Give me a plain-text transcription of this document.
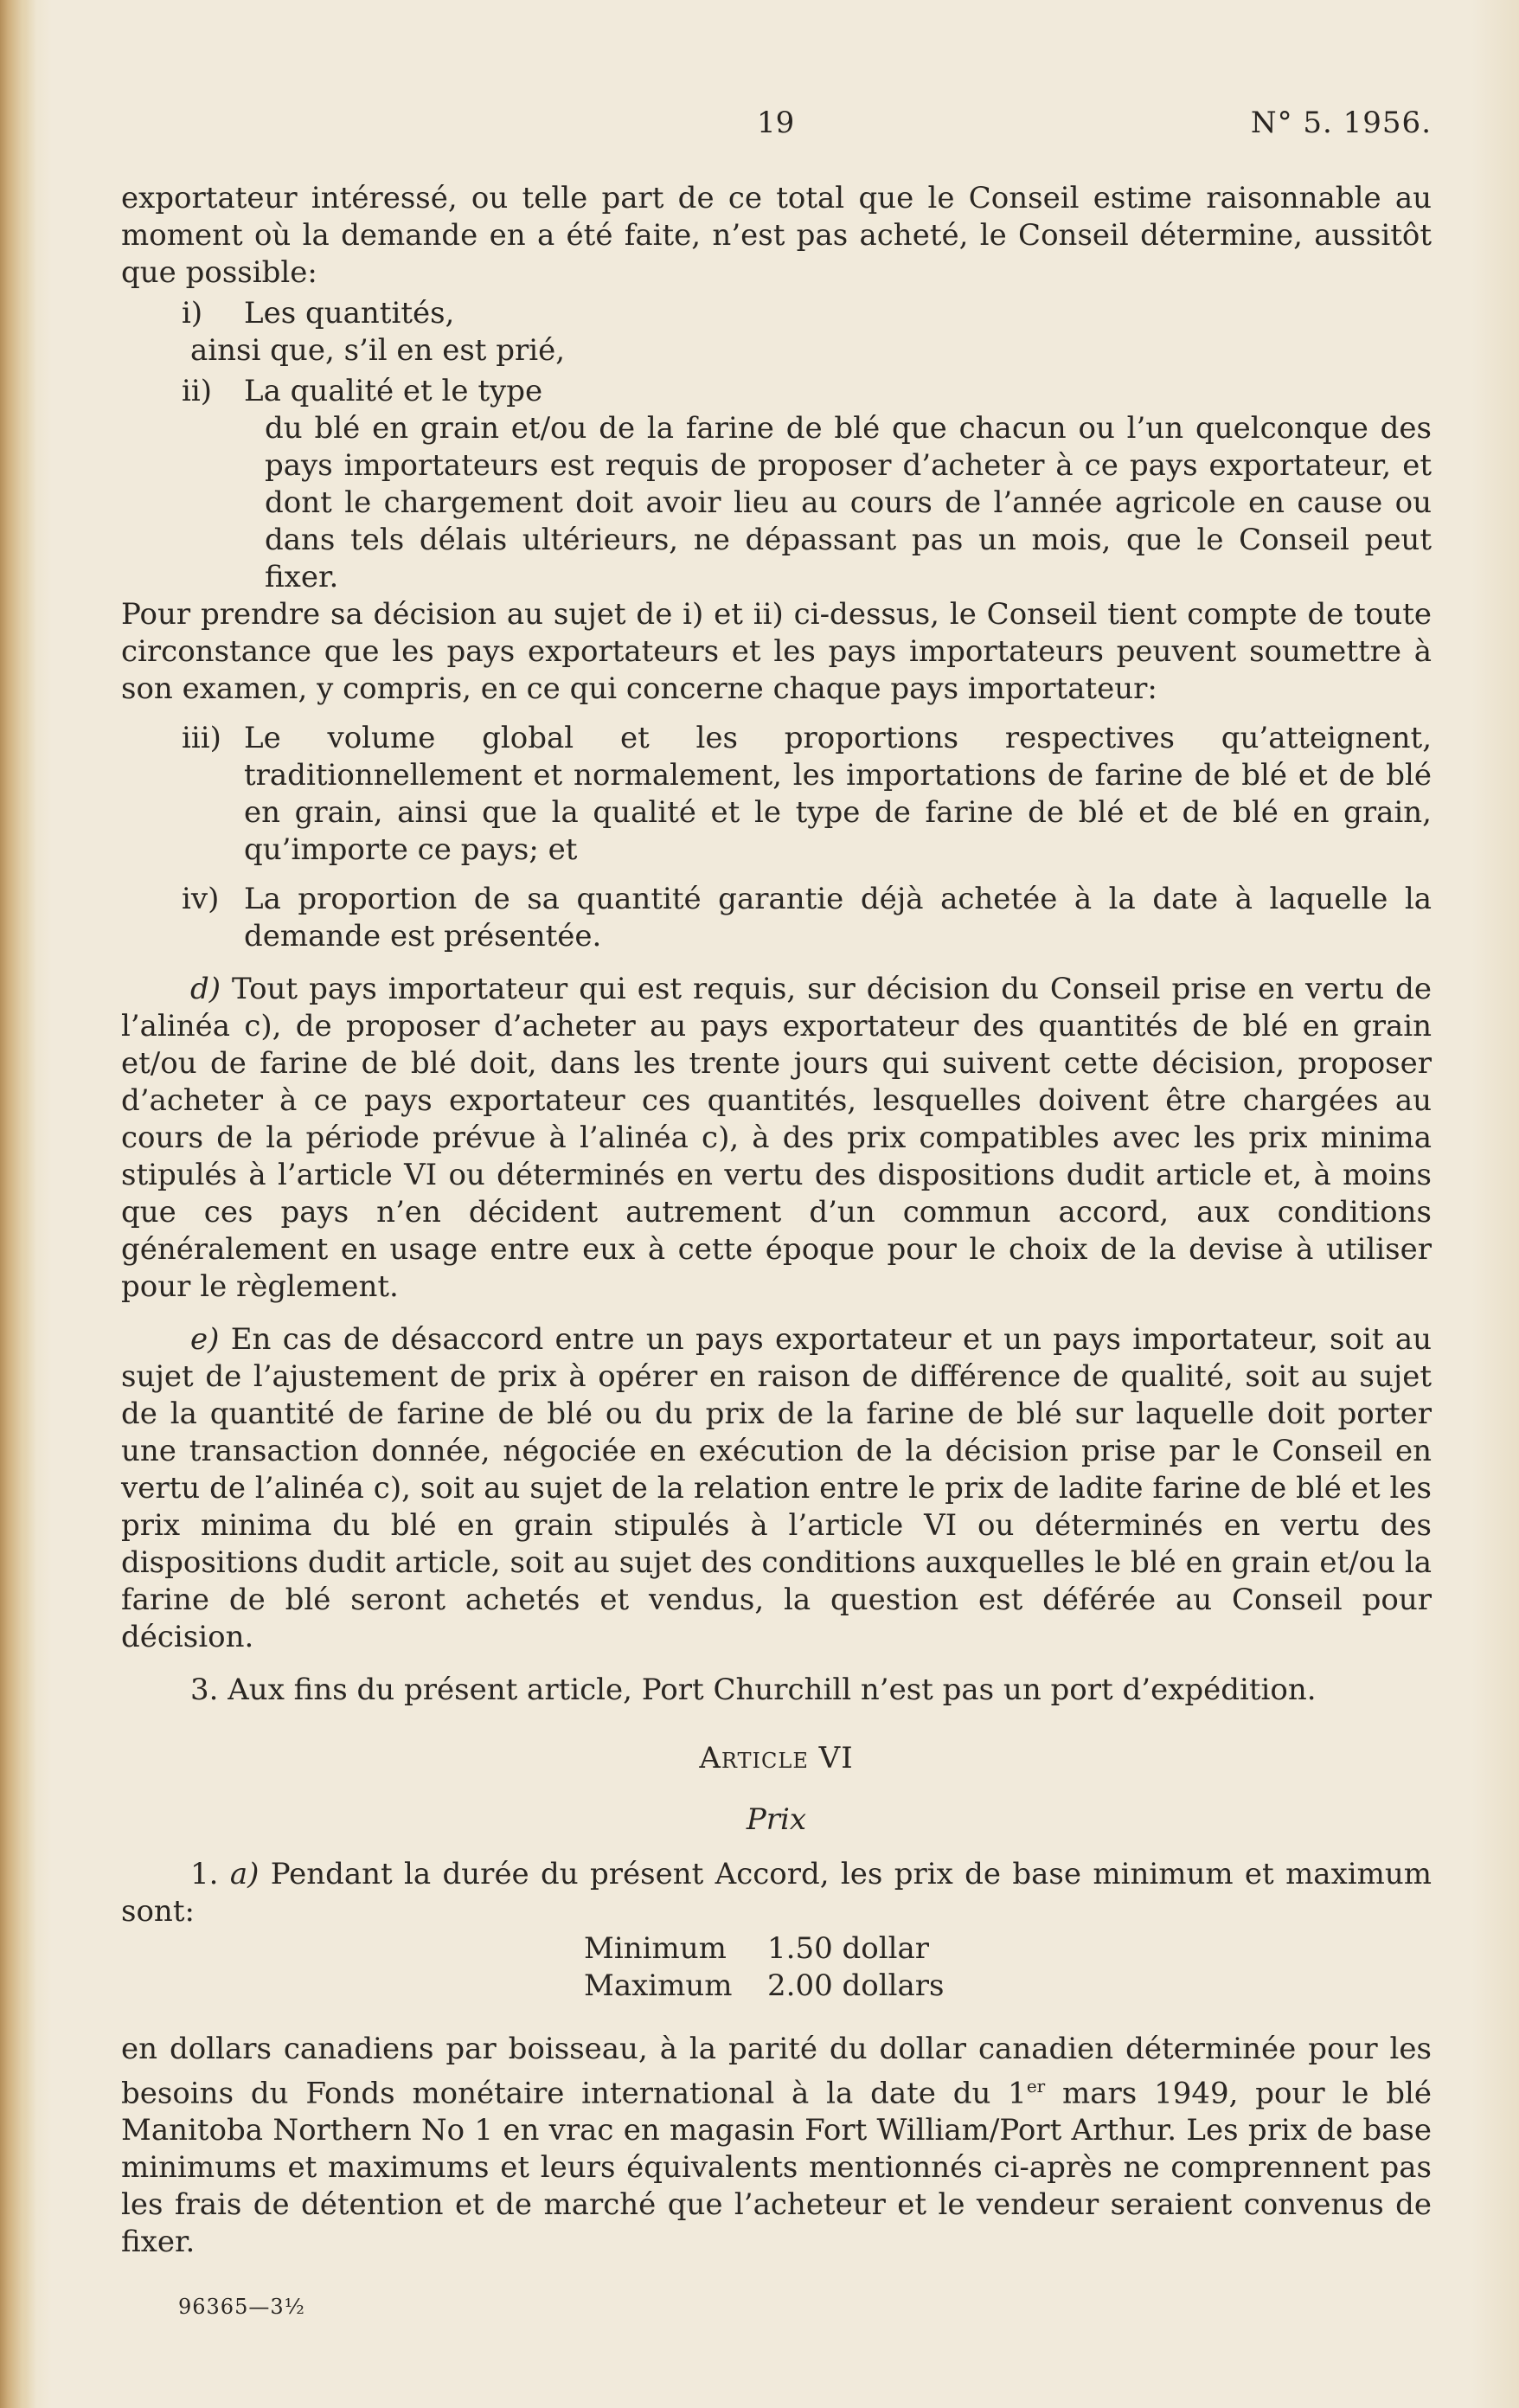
19	N° 5. 1956.

exportateur intéressé, ou telle part de ce total que le Conseil estime raisonnable au moment où la demande en a été faite, n’est pas acheté, le Conseil détermine, aussitôt que possible:

i)	Les quantités,

ainsi que, s’il en est prié,

ii)	La qualité et le type

du blé en grain et/ou de la farine de blé que chacun ou l’un quelconque des pays importateurs est requis de proposer d’acheter à ce pays exportateur, et dont le chargement doit avoir lieu au cours de l’année agricole en cause ou dans tels délais ultérieurs, ne dépassant pas un mois, que le Conseil peut fixer.

Pour prendre sa décision au sujet de i) et ii) ci-dessus, le Conseil tient compte de toute circonstance que les pays exportateurs et les pays importateurs peuvent soumettre à son examen, y compris, en ce qui concerne chaque pays importateur:

iii) Le volume global et les proportions respectives qu’atteignent, traditionnellement et normalement, les importations de farine de blé et de blé en grain, ainsi que la qualité et le type de farine de blé et de blé en grain, qu’importe ce pays; et
iv) La proportion de sa quantité garantie déjà achetée à la date à laquelle la demande est présentée.

d) Tout pays importateur qui est requis, sur décision du Conseil prise en vertu de l’alinéa c), de proposer d’acheter au pays exportateur des quantités de blé en grain et/ou de farine de blé doit, dans les trente jours qui suivent cette décision, proposer d’acheter à ce pays exportateur ces quantités, lesquelles doivent être chargées au cours de la période prévue à l’alinéa c), à des prix compatibles avec les prix minima stipulés à l’article VI ou déterminés en vertu des dispositions dudit article et, à moins que ces pays n’en décident autrement d’un commun accord, aux conditions généralement en usage entre eux à cette époque pour le choix de la devise à utiliser pour le règlement.

e) En cas de désaccord entre un pays exportateur et un pays importateur, soit au sujet de l’ajustement de prix à opérer en raison de différence de qualité, soit au sujet de la quantité de farine de blé ou du prix de la farine de blé sur laquelle doit porter une transaction donnée, négociée en exécution de la décision prise par le Conseil en vertu de l’alinéa c), soit au sujet de la relation entre le prix de ladite farine de blé et les prix minima du blé en grain stipulés à l’article VI ou déterminés en vertu des dispositions dudit article, soit au sujet des conditions auxquelles le blé en grain et/ou la farine de blé seront achetés et vendus, la question est déférée au Conseil pour décision.

3. Aux fins du présent article, Port Churchill n’est pas un port d’expédition.

Article VI

Prix

1. a) Pendant la durée du présent Accord, les prix de base minimum et maximum sont:

Minimum	1.50 dollar
Maximum	2.00 dollars

en dollars canadiens par boisseau, à la parité du dollar canadien déterminée pour les besoins du Fonds monétaire international à la date du 1er mars 1949, pour le blé Manitoba Northern No 1 en vrac en magasin Fort William/Port Arthur. Les prix de base minimums et maximums et leurs équivalents mentionnés ci-après ne comprennent pas les frais de détention et de marché que l’acheteur et le vendeur seraient convenus de fixer.

96365—3½
